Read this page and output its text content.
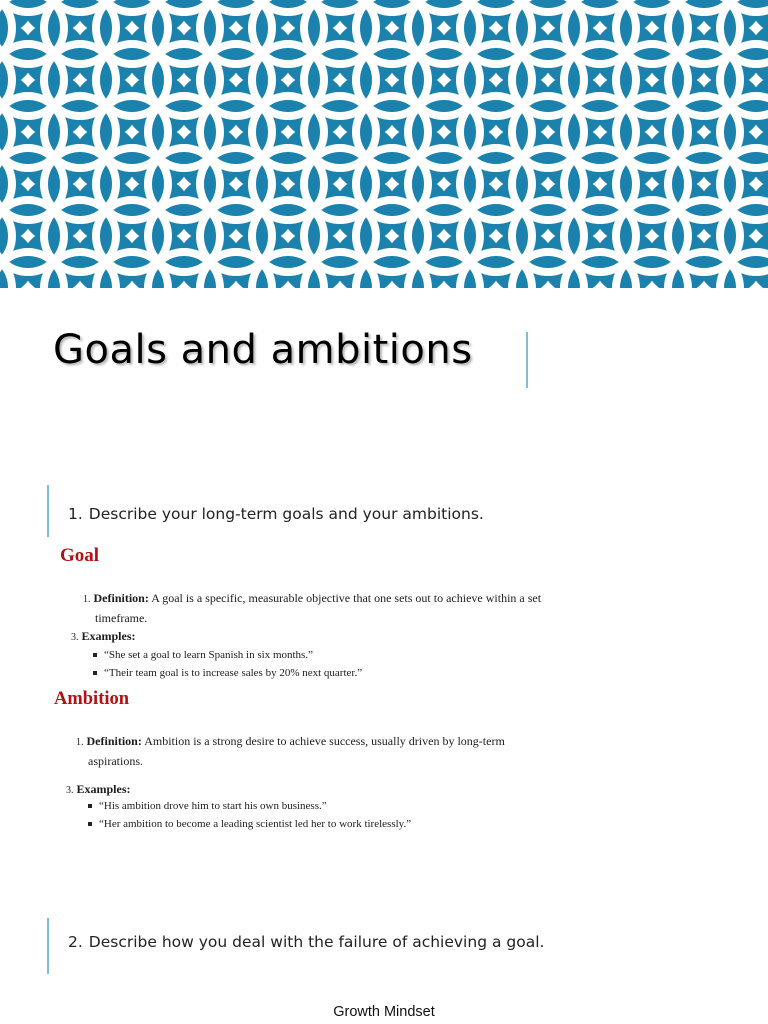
Goals and ambitions

1. Describe your long-term goals and your ambitions.

Goal
1. Definition: A goal is a specific, measurable objective that one sets out to achieve within a set timeframe.
3. Examples:
“She set a goal to learn Spanish in six months.”
“Their team goal is to increase sales by 20% next quarter.”
Ambition
1. Definition: Ambition is a strong desire to achieve success, usually driven by long-term aspirations.
3. Examples:
“His ambition drove him to start his own business.”
“Her ambition to become a leading scientist led her to work tirelessly.”

2. Describe how you deal with the failure of achieving a goal.

Growth Mindset
